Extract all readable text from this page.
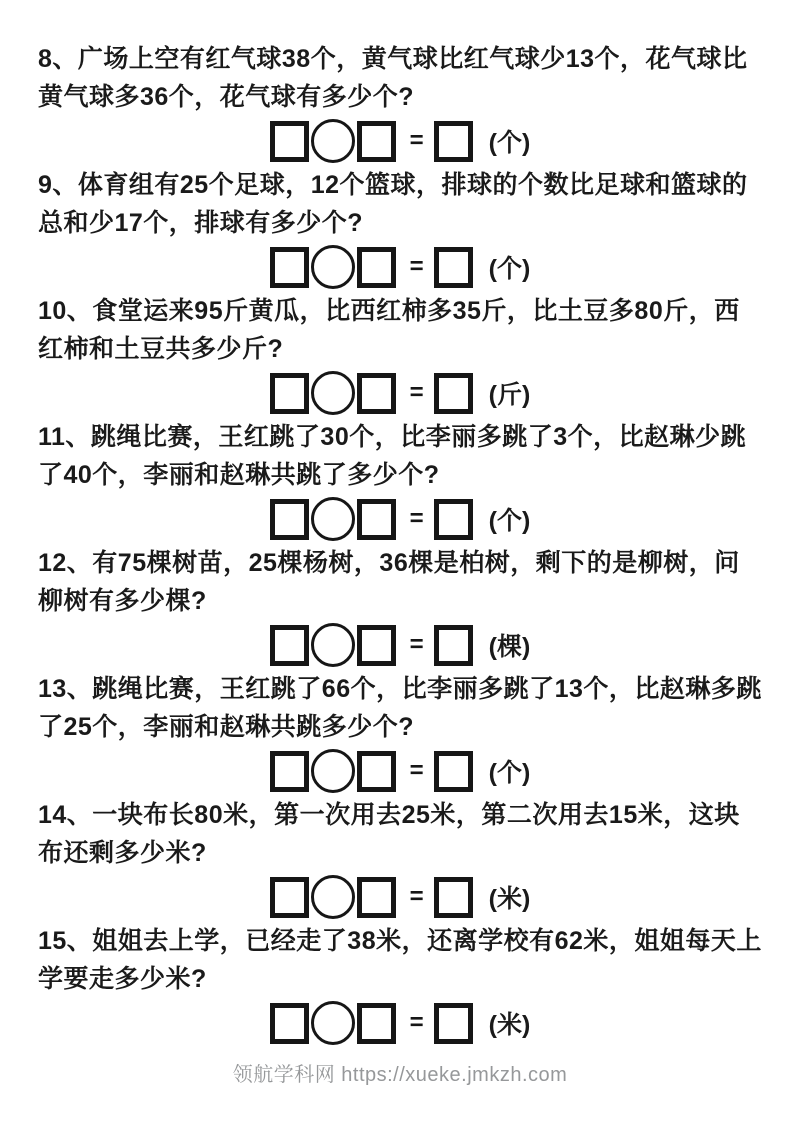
8、广场上空有红气球38个，黄气球比红气球少13个，花气球比黄气球多36个，花气球有多少个?

=	(个)

9、体育组有25个足球，12个篮球，排球的个数比足球和篮球的总和少17个，排球有多少个?

=	(个)

10、食堂运来95斤黄瓜，比西红柿多35斤，比土豆多80斤，西红柿和土豆共多少斤?

=	(斤)

11、跳绳比赛，王红跳了30个，比李丽多跳了3个，比赵琳少跳了40个，李丽和赵琳共跳了多少个?

=	(个)

12、有75棵树苗，25棵杨树，36棵是柏树，剩下的是柳树，问柳树有多少棵?

=	(棵)

13、跳绳比赛，王红跳了66个，比李丽多跳了13个，比赵琳多跳了25个，李丽和赵琳共跳多少个?

=	(个)

14、一块布长80米，第一次用去25米，第二次用去15米，这块布还剩多少米?

=	(米)

15、姐姐去上学，已经走了38米，还离学校有62米，姐姐每天上学要走多少米?

=	(米)
领航学科网 https://xueke.jmkzh.com
